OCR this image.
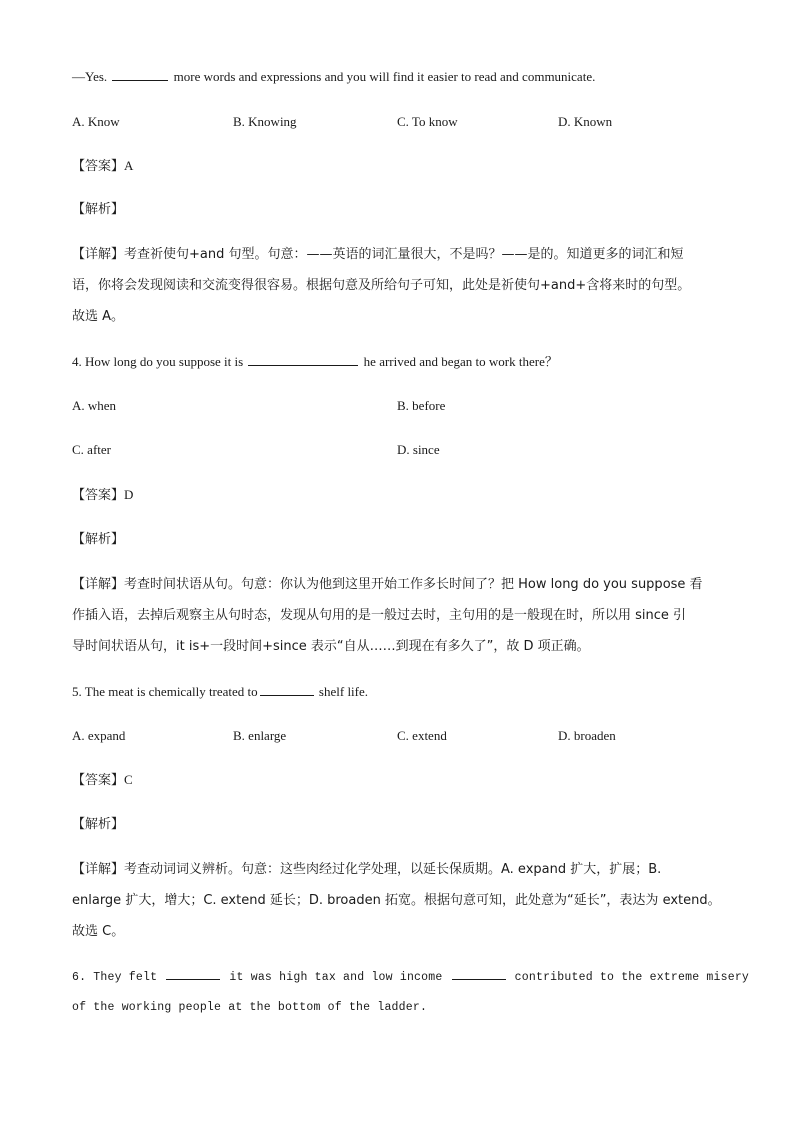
—Yes.	more words and expressions and you will find it easier to read and communicate.
A. Know	B. Knowing	C. To know	D. Known
【答案】A
【解析】
【详解】考查祈使句+and 句型。句意：——英语的词汇量很大，不是吗？——是的。知道更多的词汇和短
语，你将会发现阅读和交流变得很容易。根据句意及所给句子可知，此处是祈使句+and+含将来时的句型。
故选 A。
4. How long do you suppose it is	he arrived and began to work there？
A. when	B. before
C. after	D. since
【答案】D
【解析】
【详解】考查时间状语从句。句意：你认为他到这里开始工作多长时间了？把 How long do you suppose 看
作插入语，去掉后观察主从句时态，发现从句用的是一般过去时，主句用的是一般现在时，所以用 since 引
导时间状语从句，it is+一段时间+since 表示“自从……到现在有多久了”，故 D 项正确。
5. The meat is chemically treated to	shelf life.
A. expand	B. enlarge	C. extend	D. broaden
【答案】C
【解析】
【详解】考查动词词义辨析。句意：这些肉经过化学处理，以延长保质期。A. expand 扩大，扩展；B.
enlarge 扩大，增大；C. extend 延长；D. broaden 拓宽。根据句意可知，此处意为“延长”，表达为 extend。
故选 C。
6. They felt	it was high tax and low income	contributed to the extreme misery
of the working people at the bottom of the ladder.
